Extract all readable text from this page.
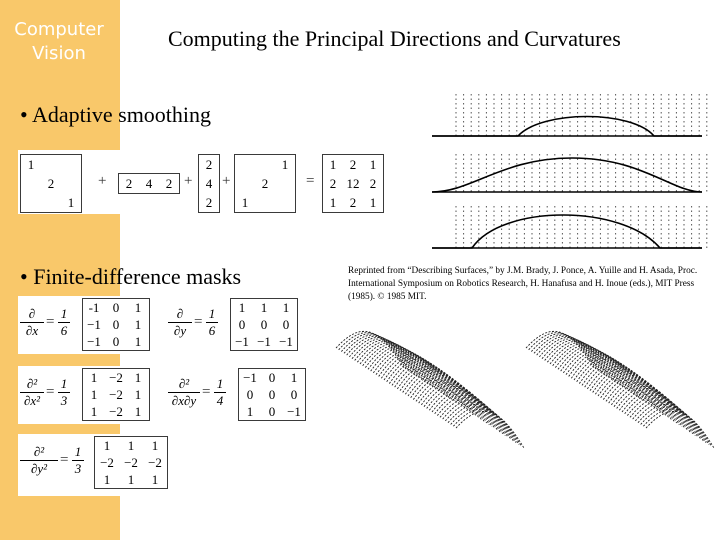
Computer Vision
Computing the Principal Directions and Curvatures
• Adaptive smoothing
• Finite-difference masks	Reprinted from “Describing Surfaces,” by J.M. Brady, J. Ponce, A. Yuille and H. Asada, Proc. International Symposium on Robotics Research, H. Hanafusa and H. Inoue (eds.), MIT Press (1985). © 1985 MIT.
1		
	2	
		1
2	4	2
2
4
2
		1
	2	
1		
1	2	1
2	12	2
1	2	1
+	+ +	=
∂
∂x
= $\frac{1}{6} -1$	0	1
−1	0	1
−1	0	1
∂
∂y
= $\frac{1}{6} 1$	1	1
0	0	0
−1	−1	−1
∂²
∂x²
= $\frac{1}{3} 1$	−2	1
1	−2	1
1	−2	1
∂²
∂x∂y
= $\frac{1}{4} -1$	0	1
0	0	0
1	0	−1
∂²
∂y²
= $\frac{1}{3} 1$	1	1
−2	−2	−2
1	1	1
